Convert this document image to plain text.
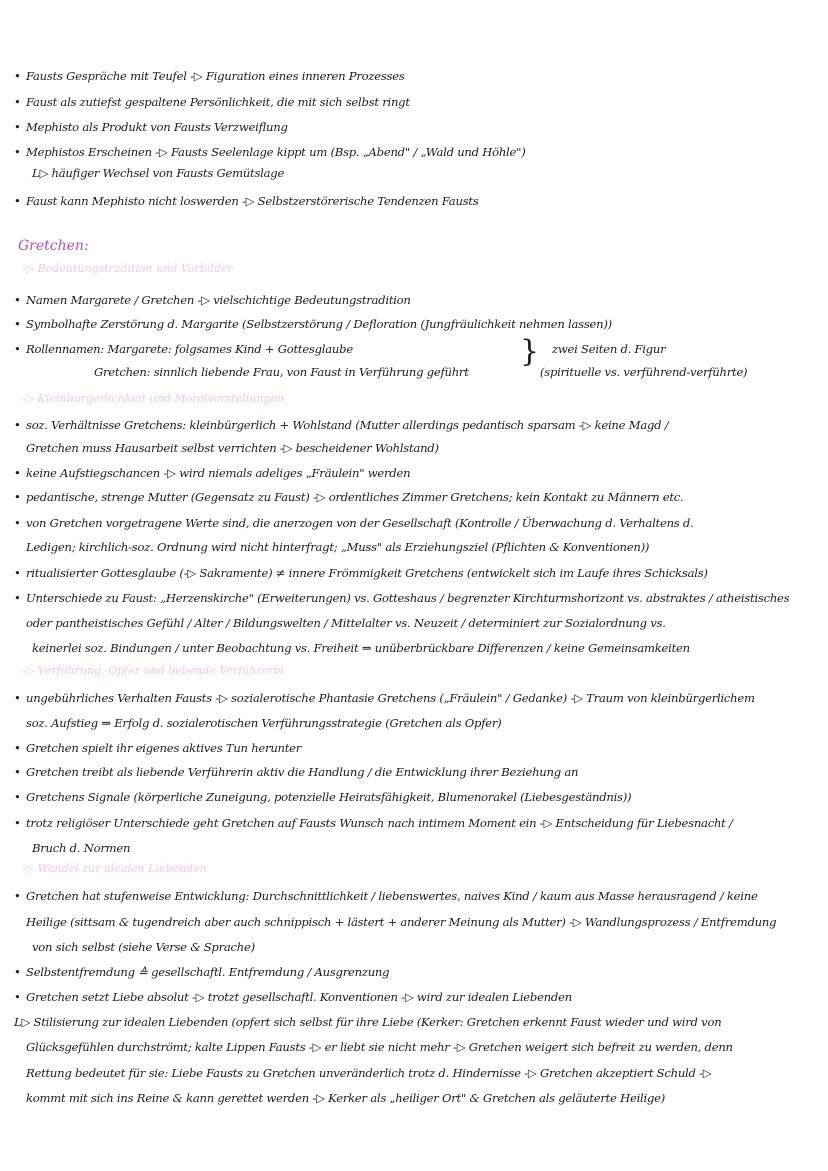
• Fausts Gespräche mit Teufel -▷ Figuration eines inneren Prozesses
• Faust als zutiefst gespaltene Persönlichkeit, die mit sich selbst ringt
• Mephisto als Produkt von Fausts Verzweiflung
• Mephistos Erscheinen -▷ Fausts Seelenlage kippt um (Bsp. „Abend" / „Wald und Höhle")
L▷ häufiger Wechsel von Fausts Gemütslage
• Faust kann Mephisto nicht loswerden -▷ Selbstzerstörerische Tendenzen Fausts
Gretchen:
-▷ Bedeutungstradition und Vorbilder
• Namen Margarete / Gretchen -▷ vielschichtige Bedeutungstradition
• Symbolhafte Zerstörung d. Margarite (Selbstzerstörung / Defloration (Jungfräulichkeit nehmen lassen))
• Rollennamen: Margarete: folgsames Kind + Gottesglaube
Gretchen: sinnlich liebende Frau, von Faust in Verführung geführt
} zwei Seiten d. Figur
(spirituelle vs. verführend-verführte)
-▷ Kleinbürgerlichkeit und Moralvorstellungen
• soz. Verhältnisse Gretchens: kleinbürgerlich + Wohlstand (Mutter allerdings pedantisch sparsam -▷ keine Magd /
Gretchen muss Hausarbeit selbst verrichten -▷ bescheidener Wohlstand)
• keine Aufstiegschancen -▷ wird niemals adeliges „Fräulein" werden
• pedantische, strenge Mutter (Gegensatz zu Faust) -▷ ordentliches Zimmer Gretchens; kein Kontakt zu Männern etc.
• von Gretchen vorgetragene Werte sind, die anerzogen von der Gesellschaft (Kontrolle / Überwachung d. Verhaltens d.
Ledigen; kirchlich-soz. Ordnung wird nicht hinterfragt; „Muss" als Erziehungsziel (Pflichten & Konventionen))
• ritualisierter Gottesglaube (-▷ Sakramente) ≠ innere Frömmigkeit Gretchens (entwickelt sich im Laufe ihres Schicksals)
• Unterschiede zu Faust: „Herzenskirche" (Erweiterungen) vs. Gotteshaus / begrenzter Kirchturmshorizont vs. abstraktes / atheistisches
oder pantheistisches Gefühl / Alter / Bildungswelten / Mittelalter vs. Neuzeit / determiniert zur Sozialordnung vs.
keinerlei soz. Bindungen / unter Beobachtung vs. Freiheit ⇒ unüberbrückbare Differenzen / keine Gemeinsamkeiten
-▷ Verführung, Opfer und liebende Verführerin
• ungebührliches Verhalten Fausts -▷ sozialerotische Phantasie Gretchens („Fräulein" / Gedanke) -▷ Traum von kleinbürgerlichem
soz. Aufstieg ⇒ Erfolg d. sozialerotischen Verführungsstrategie (Gretchen als Opfer)
• Gretchen spielt ihr eigenes aktives Tun herunter
• Gretchen treibt als liebende Verführerin aktiv die Handlung / die Entwicklung ihrer Beziehung an
• Gretchens Signale (körperliche Zuneigung, potenzielle Heiratsfähigkeit, Blumenorakel (Liebesgeständnis))
• trotz religiöser Unterschiede geht Gretchen auf Fausts Wunsch nach intimem Moment ein -▷ Entscheidung für Liebesnacht /
Bruch d. Normen
-▷ Wandel zur idealen Liebenden
• Gretchen hat stufenweise Entwicklung: Durchschnittlichkeit / liebenswertes, naives Kind / kaum aus Masse herausragend / keine
Heilige (sittsam & tugendreich aber auch schnippisch + lästert + anderer Meinung als Mutter) -▷ Wandlungsprozess / Entfremdung
von sich selbst (siehe Verse & Sprache)
• Selbstentfremdung ≙ gesellschaftl. Entfremdung / Ausgrenzung
• Gretchen setzt Liebe absolut -▷ trotzt gesellschaftl. Konventionen -▷ wird zur idealen Liebenden
L▷ Stilisierung zur idealen Liebenden (opfert sich selbst für ihre Liebe (Kerker: Gretchen erkennt Faust wieder und wird von
Glücksgefühlen durchströmt; kalte Lippen Fausts -▷ er liebt sie nicht mehr -▷ Gretchen weigert sich befreit zu werden, denn
Rettung bedeutet für sie: Liebe Fausts zu Gretchen unveränderlich trotz d. Hindernisse -▷ Gretchen akzeptiert Schuld -▷
kommt mit sich ins Reine & kann gerettet werden -▷ Kerker als „heiliger Ort" & Gretchen als geläuterte Heilige)
